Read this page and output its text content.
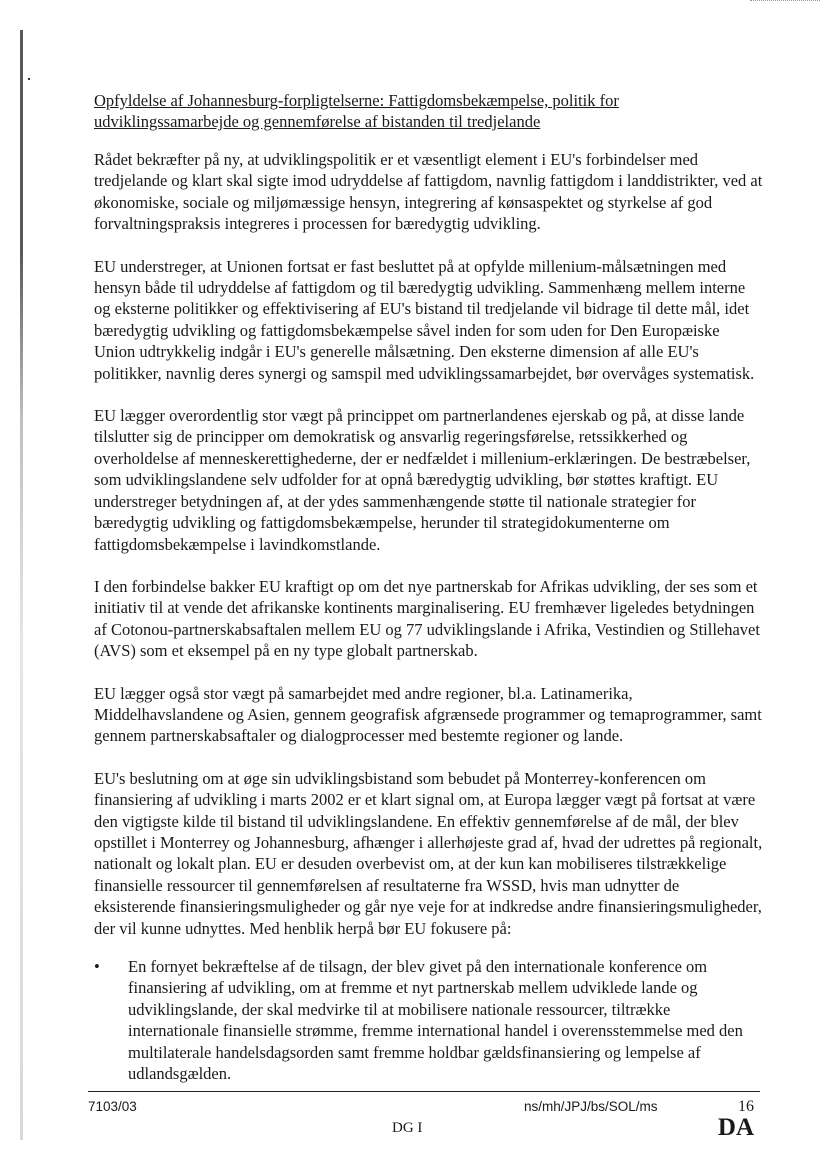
Opfyldelse af Johannesburg-forpligtelserne: Fattigdomsbekæmpelse, politik for udviklingssamarbejde og gennemførelse af bistanden til tredjelande
Rådet bekræfter på ny, at udviklingspolitik er et væsentligt element i EU's forbindelser med tredjelande og klart skal sigte imod udryddelse af fattigdom, navnlig fattigdom i landdistrikter, ved at økonomiske, sociale og miljømæssige hensyn, integrering af kønsaspektet og styrkelse af god forvaltningspraksis integreres i processen for bæredygtig udvikling.
EU understreger, at Unionen fortsat er fast besluttet på at opfylde millenium-målsætningen med hensyn både til udryddelse af fattigdom og til bæredygtig udvikling. Sammenhæng mellem interne og eksterne politikker og effektivisering af EU's bistand til tredjelande vil bidrage til dette mål, idet bæredygtig udvikling og fattigdomsbekæmpelse såvel inden for som uden for Den Europæiske Union udtrykkelig indgår i EU's generelle målsætning. Den eksterne dimension af alle EU's politikker, navnlig deres synergi og samspil med udviklingssamarbejdet, bør overvåges systematisk.
EU lægger overordentlig stor vægt på princippet om partnerlandenes ejerskab og på, at disse lande tilslutter sig de principper om demokratisk og ansvarlig regeringsførelse, retssikkerhed og overholdelse af menneskerettighederne, der er nedfældet i millenium-erklæringen. De bestræbelser, som udviklingslandene selv udfolder for at opnå bæredygtig udvikling, bør støttes kraftigt. EU understreger betydningen af, at der ydes sammenhængende støtte til nationale strategier for bæredygtig udvikling og fattigdomsbekæmpelse, herunder til strategidokumenterne om fattigdomsbekæmpelse i lavindkomstlande.
I den forbindelse bakker EU kraftigt op om det nye partnerskab for Afrikas udvikling, der ses som et initiativ til at vende det afrikanske kontinents marginalisering. EU fremhæver ligeledes betydningen af Cotonou-partnerskabsaftalen mellem EU og 77 udviklingslande i Afrika, Vestindien og Stillehavet (AVS) som et eksempel på en ny type globalt partnerskab.
EU lægger også stor vægt på samarbejdet med andre regioner, bl.a. Latinamerika, Middelhavslandene og Asien, gennem geografisk afgrænsede programmer og temaprogrammer, samt gennem partnerskabsaftaler og dialogprocesser med bestemte regioner og lande.
EU's beslutning om at øge sin udviklingsbistand som bebudet på Monterrey-konferencen om finansiering af udvikling i marts 2002 er et klart signal om, at Europa lægger vægt på fortsat at være den vigtigste kilde til bistand til udviklingslandene. En effektiv gennemførelse af de mål, der blev opstillet i Monterrey og Johannesburg, afhænger i allerhøjeste grad af, hvad der udrettes på regionalt, nationalt og lokalt plan. EU er desuden overbevist om, at der kun kan mobiliseres tilstrækkelige finansielle ressourcer til gennemførelsen af resultaterne fra WSSD, hvis man udnytter de eksisterende finansieringsmuligheder og går nye veje for at indkredse andre finansieringsmuligheder, der vil kunne udnyttes. Med henblik herpå bør EU fokusere på:
•	En fornyet bekræftelse af de tilsagn, der blev givet på den internationale konference om finansiering af udvikling, om at fremme et nyt partnerskab mellem udviklede lande og udviklingslande, der skal medvirke til at mobilisere nationale ressourcer, tiltrække internationale finansielle strømme, fremme international handel i overensstemmelse med den multilaterale handelsdagsorden samt fremme holdbar gældsfinansiering og lempelse af udlandsgælden.
7103/03	ns/mh/JPJ/bs/SOL/ms	16
DG I	DA
